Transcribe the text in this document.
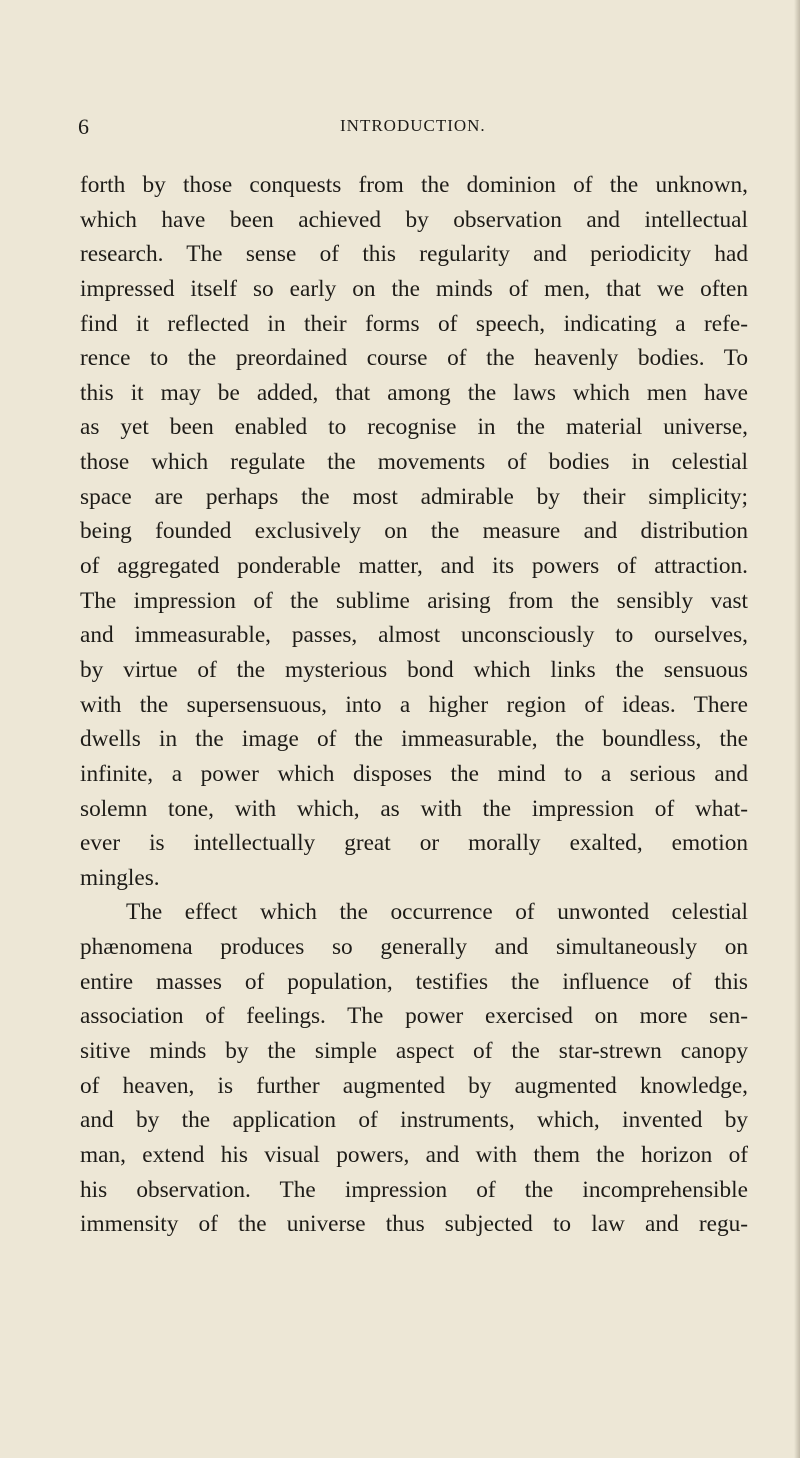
6	INTRODUCTION.
forth by those conquests from the dominion of the unknown,
which have been achieved by observation and intellectual
research. The sense of this regularity and periodicity had
impressed itself so early on the minds of men, that we often
find it reflected in their forms of speech, indicating a refe-
rence to the preordained course of the heavenly bodies. To
this it may be added, that among the laws which men have
as yet been enabled to recognise in the material universe,
those which regulate the movements of bodies in celestial
space are perhaps the most admirable by their simplicity;
being founded exclusively on the measure and distribution
of aggregated ponderable matter, and its powers of attraction.
The impression of the sublime arising from the sensibly vast
and immeasurable, passes, almost unconsciously to ourselves,
by virtue of the mysterious bond which links the sensuous
with the supersensuous, into a higher region of ideas. There
dwells in the image of the immeasurable, the boundless, the
infinite, a power which disposes the mind to a serious and
solemn tone, with which, as with the impression of what-
ever is intellectually great or morally exalted, emotion
mingles.
The effect which the occurrence of unwonted celestial
phænomena produces so generally and simultaneously on
entire masses of population, testifies the influence of this
association of feelings. The power exercised on more sen-
sitive minds by the simple aspect of the star-strewn canopy
of heaven, is further augmented by augmented knowledge,
and by the application of instruments, which, invented by
man, extend his visual powers, and with them the horizon of
his observation. The impression of the incomprehensible
immensity of the universe thus subjected to law and regu-
